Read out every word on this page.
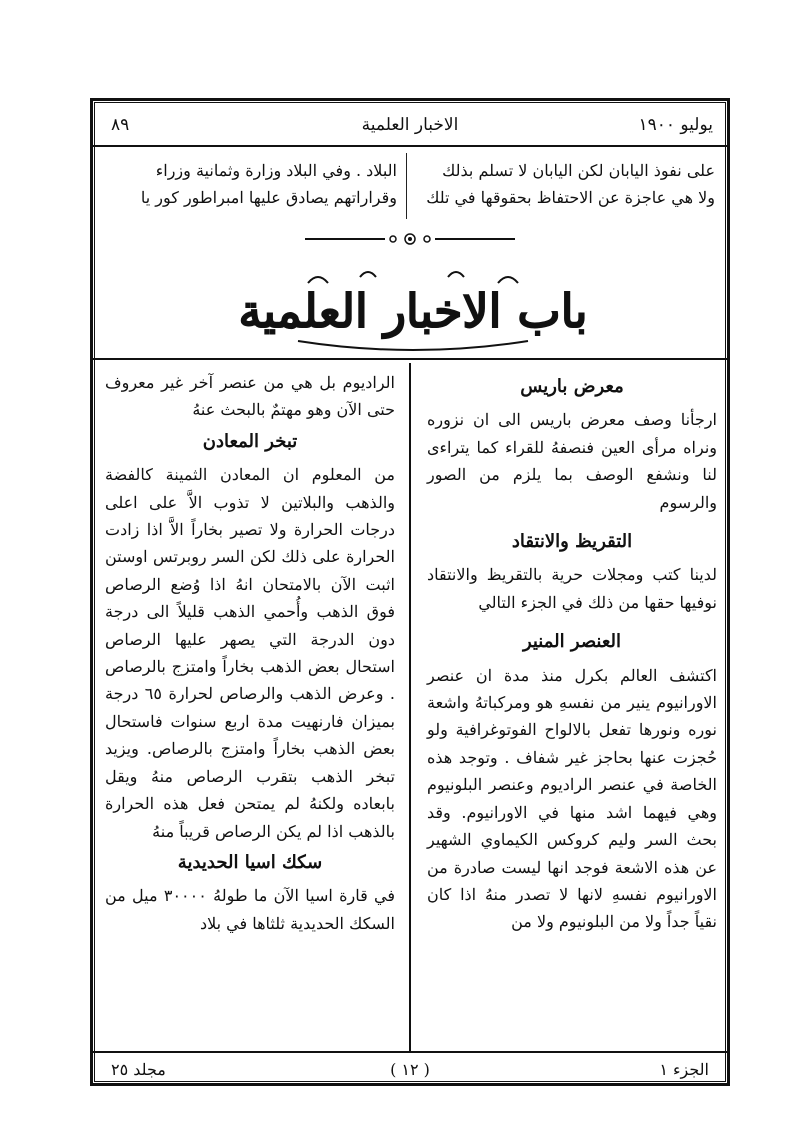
يوليو ١٩٠٠
الاخبار العلمية
٨٩
على نفوذ اليابان لكن اليابان لا تسلم بذلك
ولا هي عاجزة عن الاحتفاظ بحقوقها في تلك
البلاد . وفي البلاد وزارة وثمانية وزراء
وقراراتهم يصادق عليها امبراطور كور يا
باب الاخبار العلمية
معرض باريس

ارجأنا وصف معرض باريس الى ان نزوره ونراه مرأى العين فنصفهُ للقراء كما يتراءى لنا ونشفع الوصف بما يلزم من الصور والرسوم

التقريظ والانتقاد

لدينا كتب ومجلات حرية بالتقريظ والانتقاد نوفيها حقها من ذلك في الجزء التالي

العنصر المنير

اكتشف العالم بكرل منذ مدة ان عنصر الاورانيوم ينير من نفسهِ هو ومركباتهُ واشعة نوره ونورها تفعل بالالواح الفوتوغرافية ولو حُجزت عنها بحاجز غير شفاف . وتوجد هذه الخاصة في عنصر الراديوم وعنصر البلونيوم وهي فيهما اشد منها في الاورانيوم. وقد بحث السر وليم كروكس الكيماوي الشهير عن هذه الاشعة فوجد انها ليست صادرة من الاورانيوم نفسهِ لانها لا تصدر منهُ اذا كان نقياً جداً ولا من البلونيوم ولا من

الراديوم بل هي من عنصر آخر غير معروف حتى الآن وهو مهتمٌ بالبحث عنهُ

تبخر المعادن

من المعلوم ان المعادن الثمينة كالفضة والذهب والبلاتين لا تذوب الاَّ على اعلى درجات الحرارة ولا تصير بخاراً الاَّ اذا زادت الحرارة على ذلك لكن السر روبرتس اوستن اثبت الآن بالامتحان انهُ اذا وُضع الرصاص فوق الذهب وأُحمي الذهب قليلاً الى درجة دون الدرجة التي يصهر عليها الرصاص استحال بعض الذهب بخاراً وامتزج بالرصاص . وعرض الذهب والرصاص لحرارة ٦٥ درجة بميزان فارنهيت مدة اربع سنوات فاستحال بعض الذهب بخاراً وامتزج بالرصاص. ويزيد تبخر الذهب بتقرب الرصاص منهُ ويقل بابعاده ولكنهُ لم يمتحن فعل هذه الحرارة بالذهب اذا لم يكن الرصاص قريباً منهُ

سكك اسيا الحديدية

في قارة اسيا الآن ما طولهُ ٣٠٠٠٠ ميل من السكك الحديدية ثلثاها في بلاد

الجزء ١
( ١٢ )
مجلد ٢٥
